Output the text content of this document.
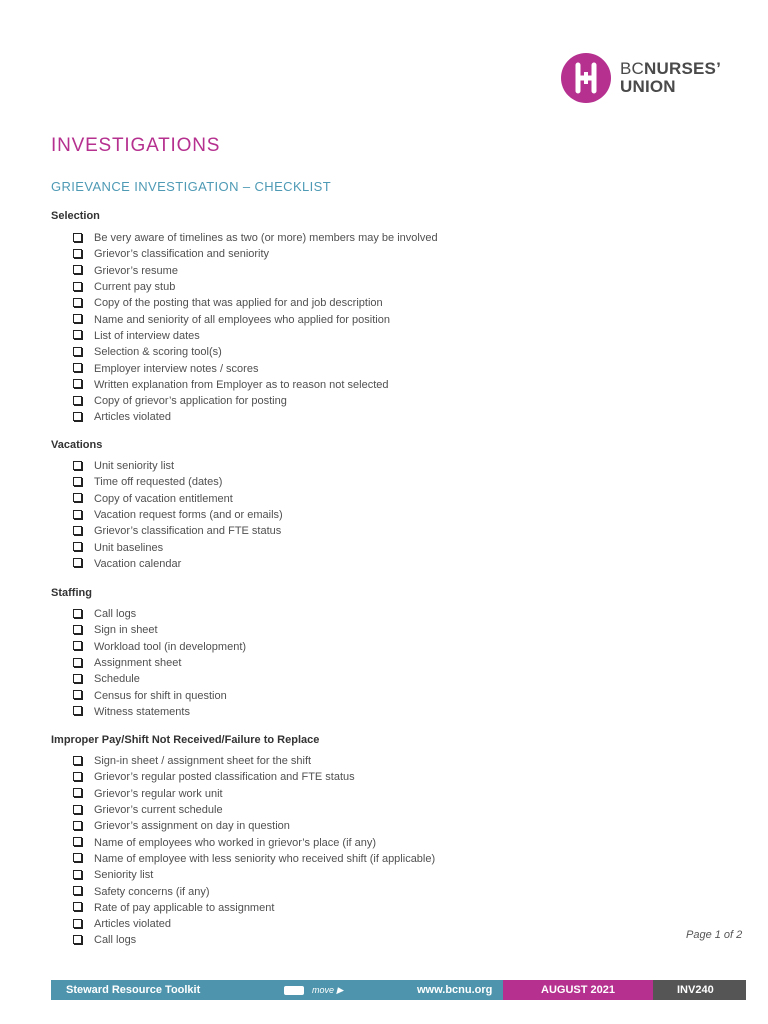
BCNURSES’
UNION
INVESTIGATIONS
GRIEVANCE INVESTIGATION – CHECKLIST
Selection
Be very aware of timelines as two (or more) members may be involved
Grievor’s classification and seniority
Grievor’s resume
Current pay stub
Copy of the posting that was applied for and job description
Name and seniority of all employees who applied for position
List of interview dates
Selection & scoring tool(s)
Employer interview notes / scores
Written explanation from Employer as to reason not selected
Copy of grievor’s application for posting
Articles violated
Vacations
Unit seniority list
Time off requested (dates)
Copy of vacation entitlement
Vacation request forms (and or emails)
Grievor’s classification and FTE status
Unit baselines
Vacation calendar
Staffing
Call logs
Sign in sheet
Workload tool (in development)
Assignment sheet
Schedule
Census for shift in question
Witness statements
Improper Pay/Shift Not Received/Failure to Replace
Sign-in sheet / assignment sheet for the shift
Grievor’s regular posted classification and FTE status
Grievor’s regular work unit
Grievor’s current schedule
Grievor’s assignment on day in question
Name of employees who worked in grievor’s place (if any)
Name of employee with less seniority who received shift (if applicable)
Seniority list
Safety concerns (if any)
Rate of pay applicable to assignment
Articles violated
Call logs	Page 1 of 2
Steward Resource Toolkit	move
▶	www.bcnu.org	AUGUST 2021	INV240
